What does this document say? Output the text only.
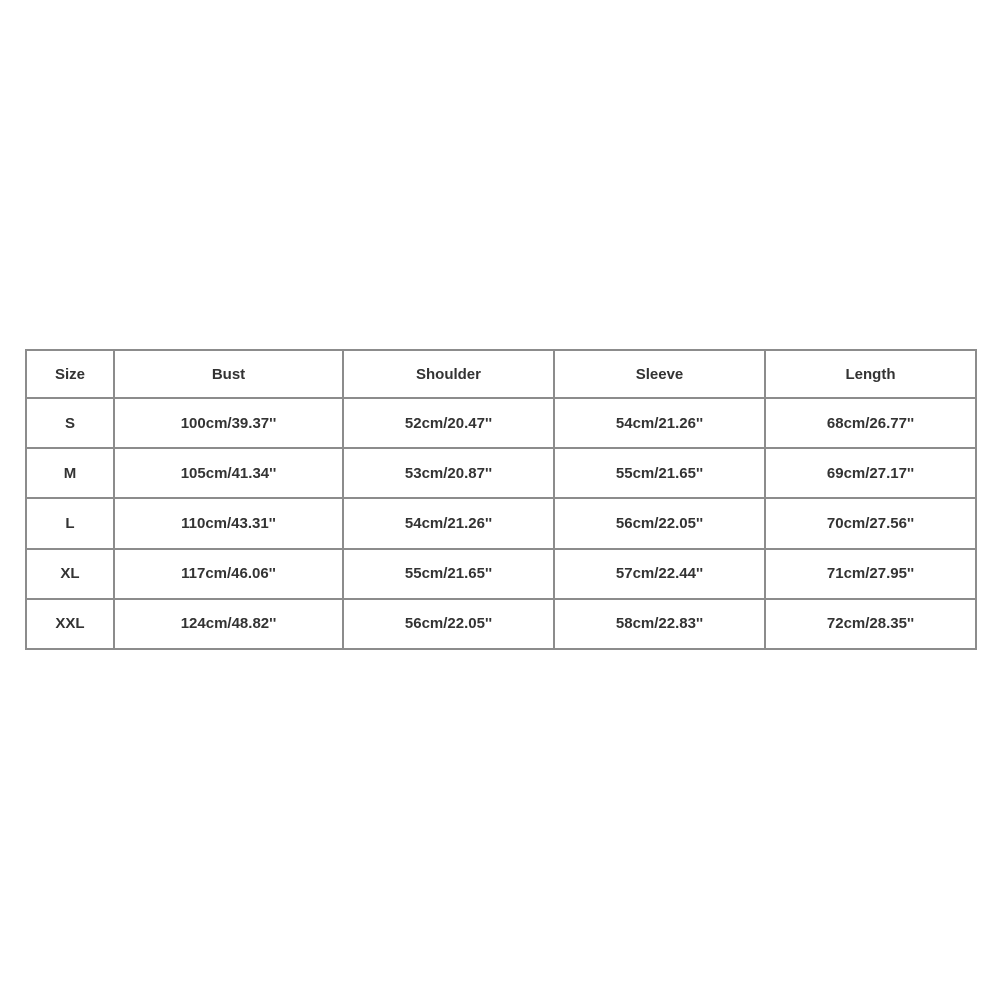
Size	Bust	Shoulder	Sleeve	Length
S	100cm/39.37''	52cm/20.47''	54cm/21.26''	68cm/26.77''
M	105cm/41.34''	53cm/20.87''	55cm/21.65''	69cm/27.17''
L	110cm/43.31''	54cm/21.26''	56cm/22.05''	70cm/27.56''
XL	117cm/46.06''	55cm/21.65''	57cm/22.44''	71cm/27.95''
XXL	124cm/48.82''	56cm/22.05''	58cm/22.83''	72cm/28.35''
